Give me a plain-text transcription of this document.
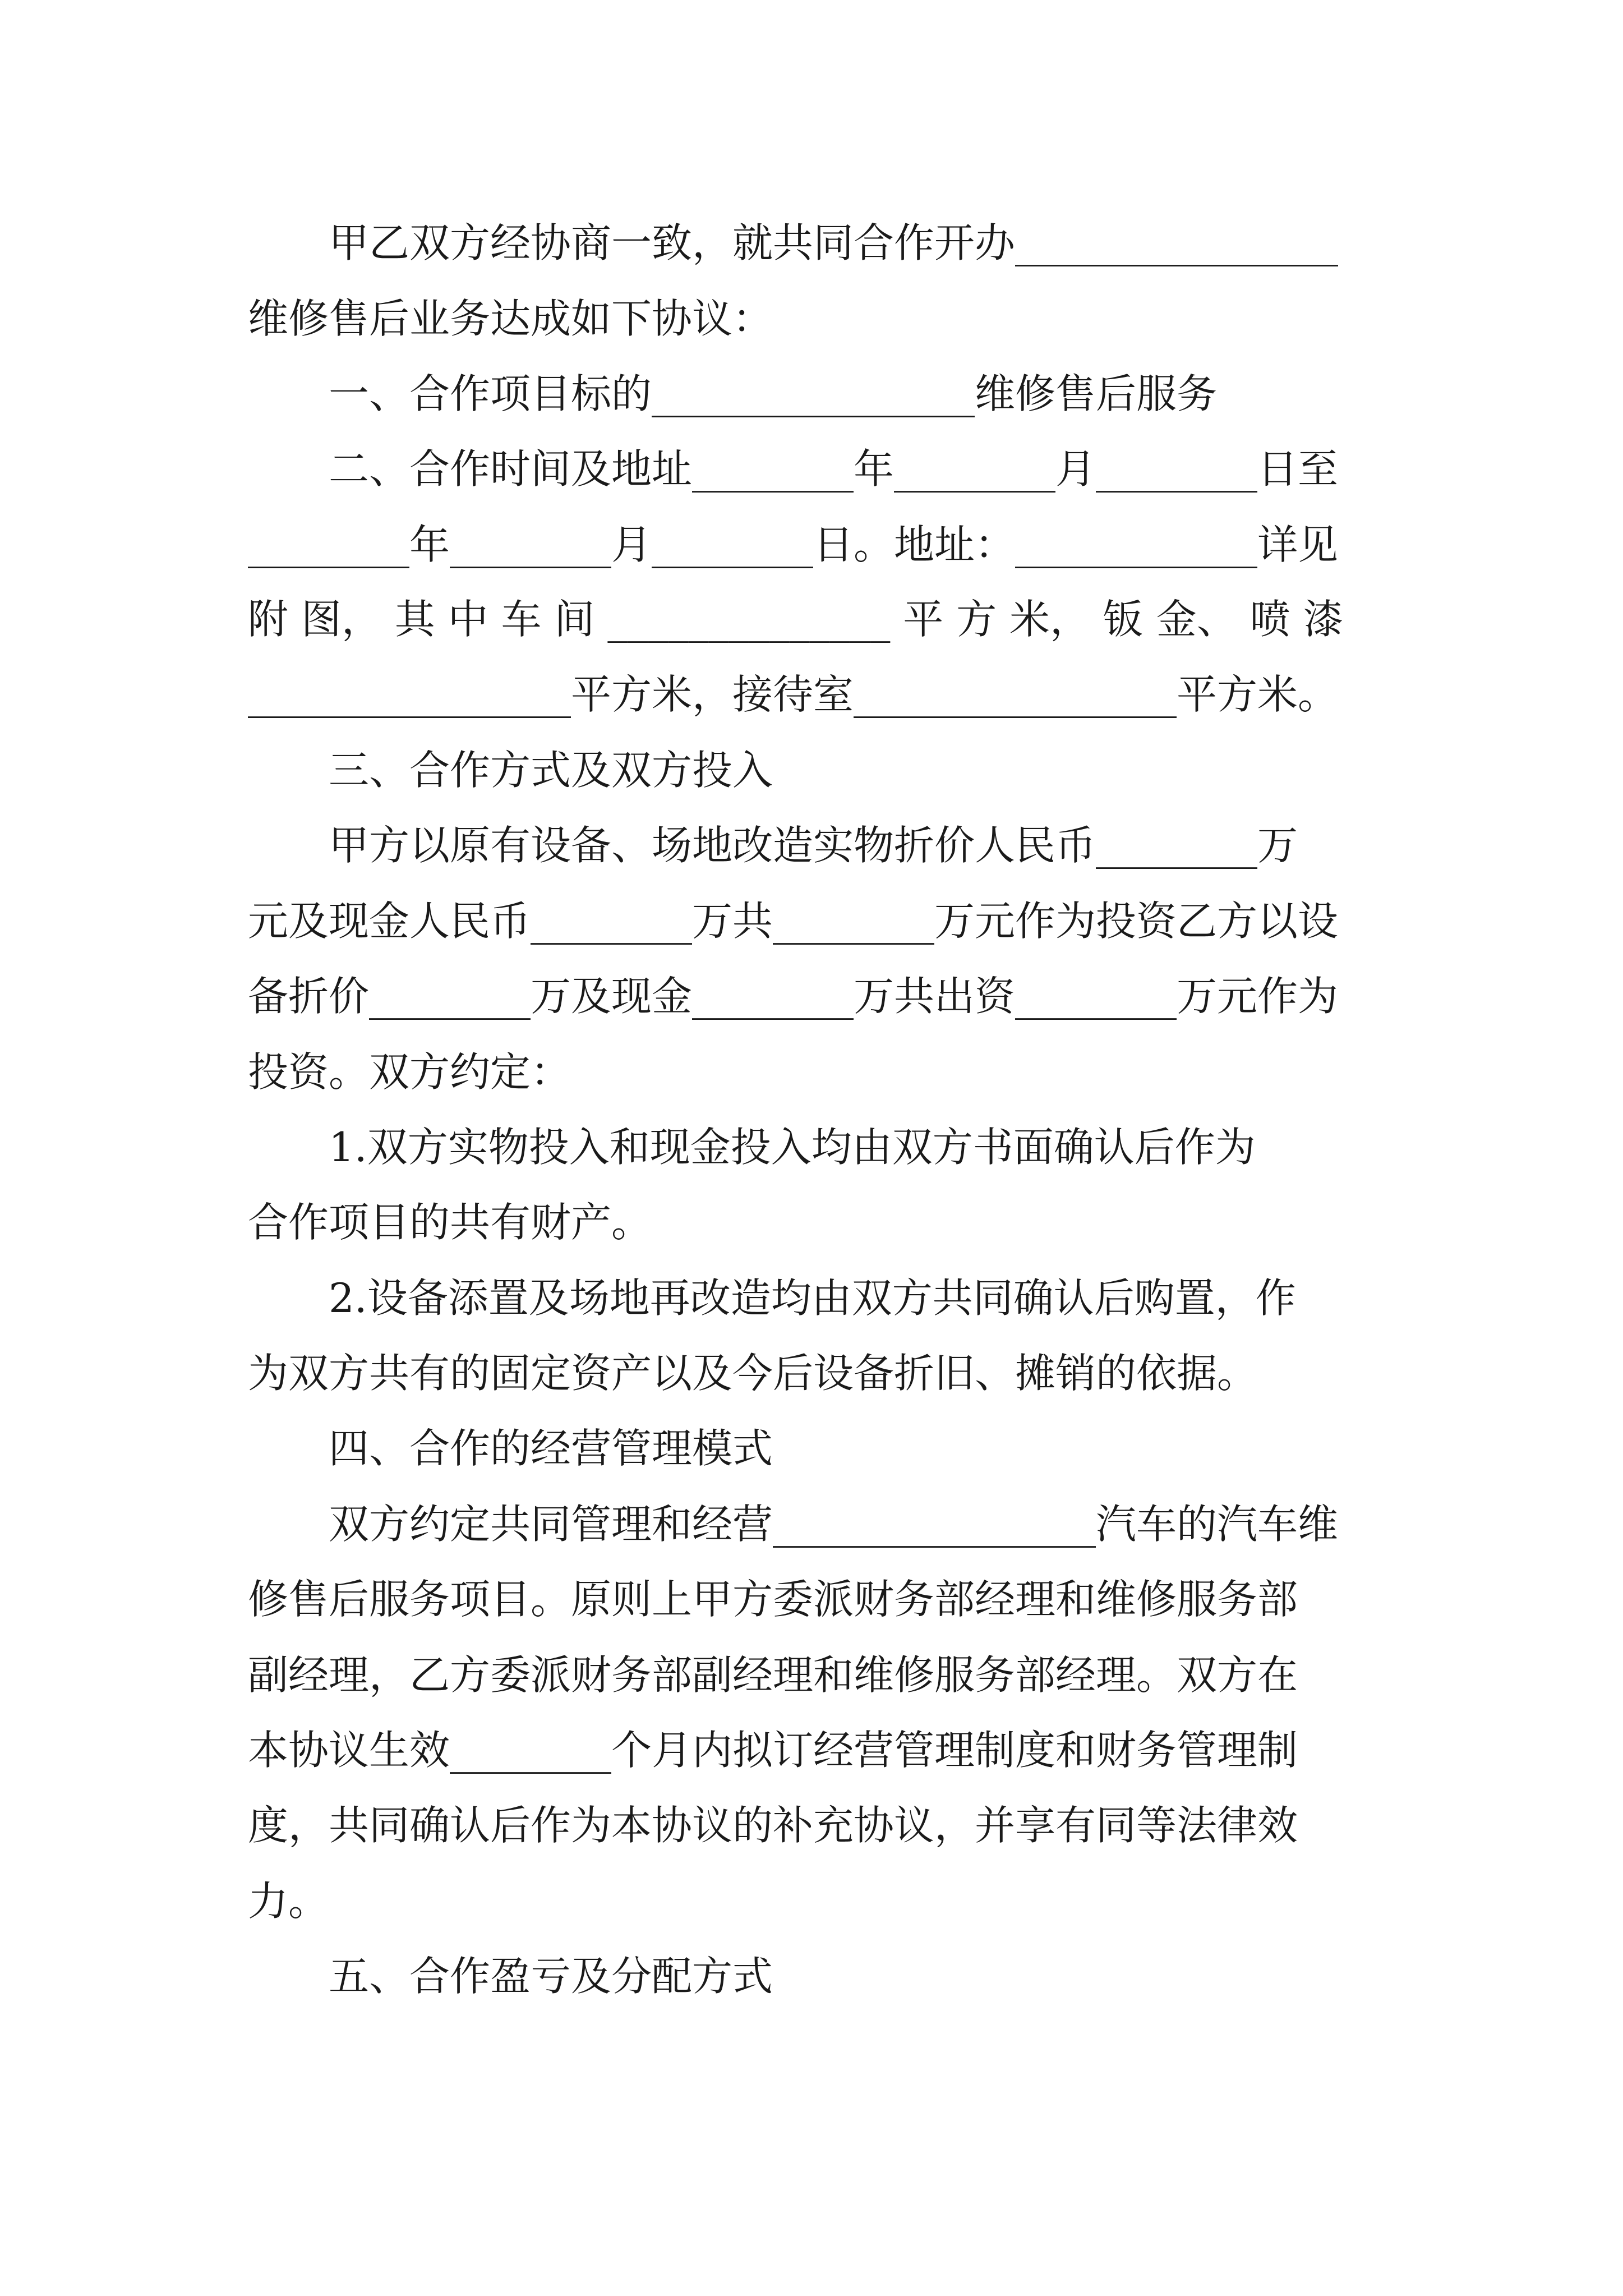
甲乙双方经协商一致，就共同合作开办________________
维修售后业务达成如下协议：
一、合作项目标的________________维修售后服务
二、合作时间及地址________年________月________日至
________年________月________日。地址：____________详见
附 图， 其 中 车 间 ______________ 平 方 米， 钣 金、 喷 漆
________________平方米，接待室________________平方米。
三、合作方式及双方投入
甲方以原有设备、场地改造实物折价人民币________万
元及现金人民币________万共________万元作为投资乙方以设
备折价________万及现金________万共出资________万元作为
投资。双方约定：
1.双方实物投入和现金投入均由双方书面确认后作为
合作项目的共有财产。
2.设备添置及场地再改造均由双方共同确认后购置，作
为双方共有的固定资产以及今后设备折旧、摊销的依据。
四、合作的经营管理模式
双方约定共同管理和经营________________汽车的汽车维
修售后服务项目。原则上甲方委派财务部经理和维修服务部
副经理，乙方委派财务部副经理和维修服务部经理。双方在
本协议生效________个月内拟订经营管理制度和财务管理制
度，共同确认后作为本协议的补充协议，并享有同等法律效
力。
五、合作盈亏及分配方式
